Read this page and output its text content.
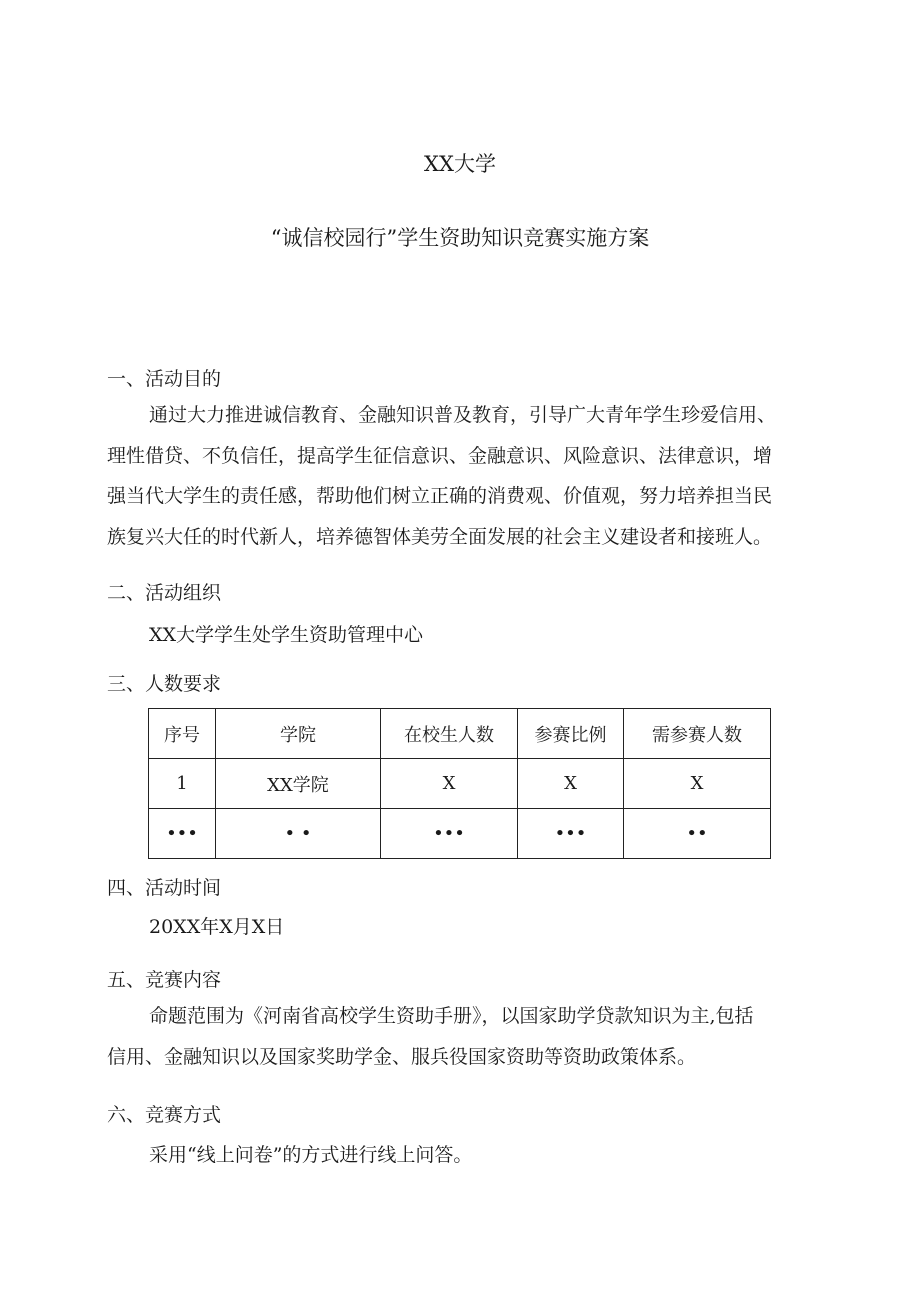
XX大学
“诚信校园行”学生资助知识竞赛实施方案
一、活动目的
通过大力推进诚信教育、金融知识普及教育，引导广大青年学生珍爱信用、
理性借贷、不负信任，提高学生征信意识、金融意识、风险意识、法律意识，增
强当代大学生的责任感，帮助他们树立正确的消费观、价值观，努力培养担当民
族复兴大任的时代新人，培养德智体美劳全面发展的社会主义建设者和接班人。
二、活动组织
XX大学学生处学生资助管理中心
三、人数要求
序号	学院	在校生人数	参赛比例	需参赛人数
1	XX学院	X	X	X
•••	• •	•••	•••	••
四、活动时间
20XX年X月X日
五、竞赛内容
命题范围为《河南省高校学生资助手册》，以国家助学贷款知识为主,包括
信用、金融知识以及国家奖助学金、服兵役国家资助等资助政策体系。
六、竞赛方式
采用“线上问卷”的方式进行线上问答。
